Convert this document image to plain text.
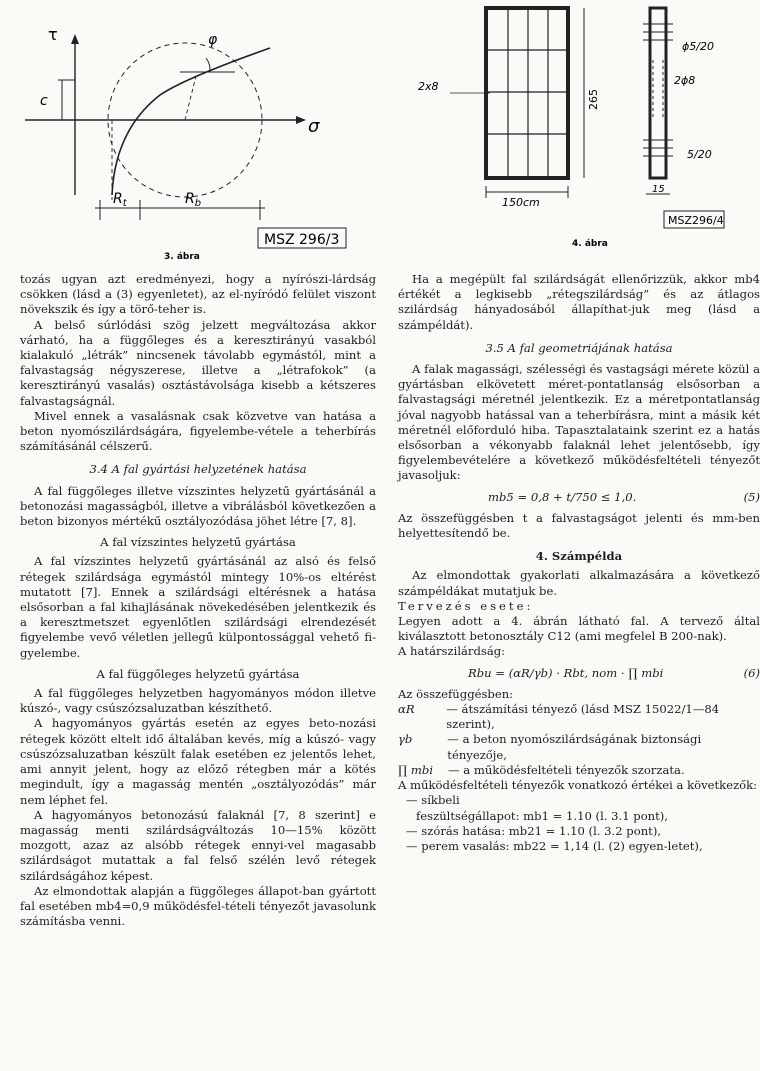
τ
σ
φ
c
$R_t$	$R_b$
MSZ 296/3
3. ábra

tozás ugyan azt eredményezi, hogy a nyírószi-lárdság csökken (lásd a (3) egyenletet), az el-nyíródó felület viszont növekszik és így a törő-teher is.

A belső súrlódási szög jelzett megváltozása akkor várható, ha a függőleges és a keresztirányú vasakból kialakuló „létrák” nincsenek távolabb egymástól, mint a falvastagság négyszerese, illetve a „létrafokok” (a keresztirányú vasalás) osztástávolsága kisebb a kétszeres falvastagságnál.

Mivel ennek a vasalásnak csak közvetve van hatása a beton nyomószilárdságára, figyelembe-vétele a teherbírás számításánál célszerű.

3.4 A fal gyártási helyzetének hatása

A fal függőleges illetve vízszintes helyzetű gyártásánál a betonozási magasságból, illetve a vibrálásból következően a beton bizonyos mértékű osztályozódása jöhet létre [7, 8].

A fal vízszintes helyzetű gyártása

A fal vízszintes helyzetű gyártásánál az alsó és felső rétegek szilárdsága egymástól mintegy 10%-os eltérést mutatott [7]. Ennek a szilárdsági eltérésnek a hatása elsősorban a fal kihajlásának növekedésében jelentkezik és a keresztmetszet egyenlőtlen szilárdsági elrendezését figyelembe vevő véletlen jellegű külpontossággal vehető fi-gyelembe.

A fal függőleges helyzetű gyártása

A fal függőleges helyzetben hagyományos módon illetve kúszó-, vagy csúszózsaluzatban készíthető.

A hagyományos gyártás esetén az egyes beto-nozási rétegek között eltelt idő általában kevés, míg a kúszó- vagy csúszózsaluzatban készült falak esetében ez jelentős lehet, ami annyit jelent, hogy az előző rétegben már a kötés megindult, így a magasság mentén „osztályozódás” már nem léphet fel.

A hagyományos betonozású falaknál [7, 8 szerint] e magasság menti szilárdságváltozás 10—15% között mozgott, azaz az alsóbb rétegek ennyi-vel magasabb szilárdságot mutattak a fal felső szélén levő rétegek szilárdságához képest.

Az elmondottak alapján a függőleges állapot-ban gyártott fal esetében mb4=0,9 működésfel-tételi tényezőt javasolunk számításba venni.

2x8
265
150cm
ϕ5/20
2ϕ8
5/20
15
MSZ296/4
4. ábra

Ha a megépült fal szilárdságát ellenőrizzük, akkor mb4 értékét a legkisebb „rétegszilárdság” és az átlagos szilárdság hányadosából állapíthat-juk meg (lásd a számpéldát).

3.5 A fal geometriájának hatása

A falak magassági, szélességi és vastagsági mérete közül a gyártásban elkövetett méret-pontatlanság elsősorban a falvastagsági méretnél jelentkezik. Ez a méretpontatlanság jóval nagyobb hatással van a teherbírásra, mint a másik két méretnél előforduló hiba. Tapasztalataink szerint ez a hatás elsősorban a vékonyabb falaknál lehet jelentősebb, így figyelembevételére a következő működésfeltételi tényezőt javasoljuk:

mb5 = 0,8 + t/750 ≤ 1,0.	(5)

Az összefüggésben t a falvastagságot jelenti és mm-ben helyettesítendő be.

4. Számpélda

Az elmondottak gyakorlati alkalmazására a következő számpéldákat mutatjuk be.

Tervezés esete:

Legyen adott a 4. ábrán látható fal. A tervező által kiválasztott betonosztály C12 (ami megfelel B 200-nak).

A határszilárdság:

Rbu = (αR/γb) · Rbt, nom · ∏ mbi	(6)

Az összefüggésben:

αR	— átszámítási tényező (lásd MSZ 15022/1—84 szerint),
γb	— a beton nyomószilárdságának biztonsági tényezője,
∏ mbi	— a működésfeltételi tényezők szorzata.

A működésfeltételi tényezők vonatkozó értékei a következők:

— síkbeli
feszültségállapot: mb1 = 1.10 (l. 3.1 pont),
— szórás hatása: mb21 = 1.10 (l. 3.2 pont),
— perem vasalás: mb22 = 1,14 (l. (2) egyen-letet),
